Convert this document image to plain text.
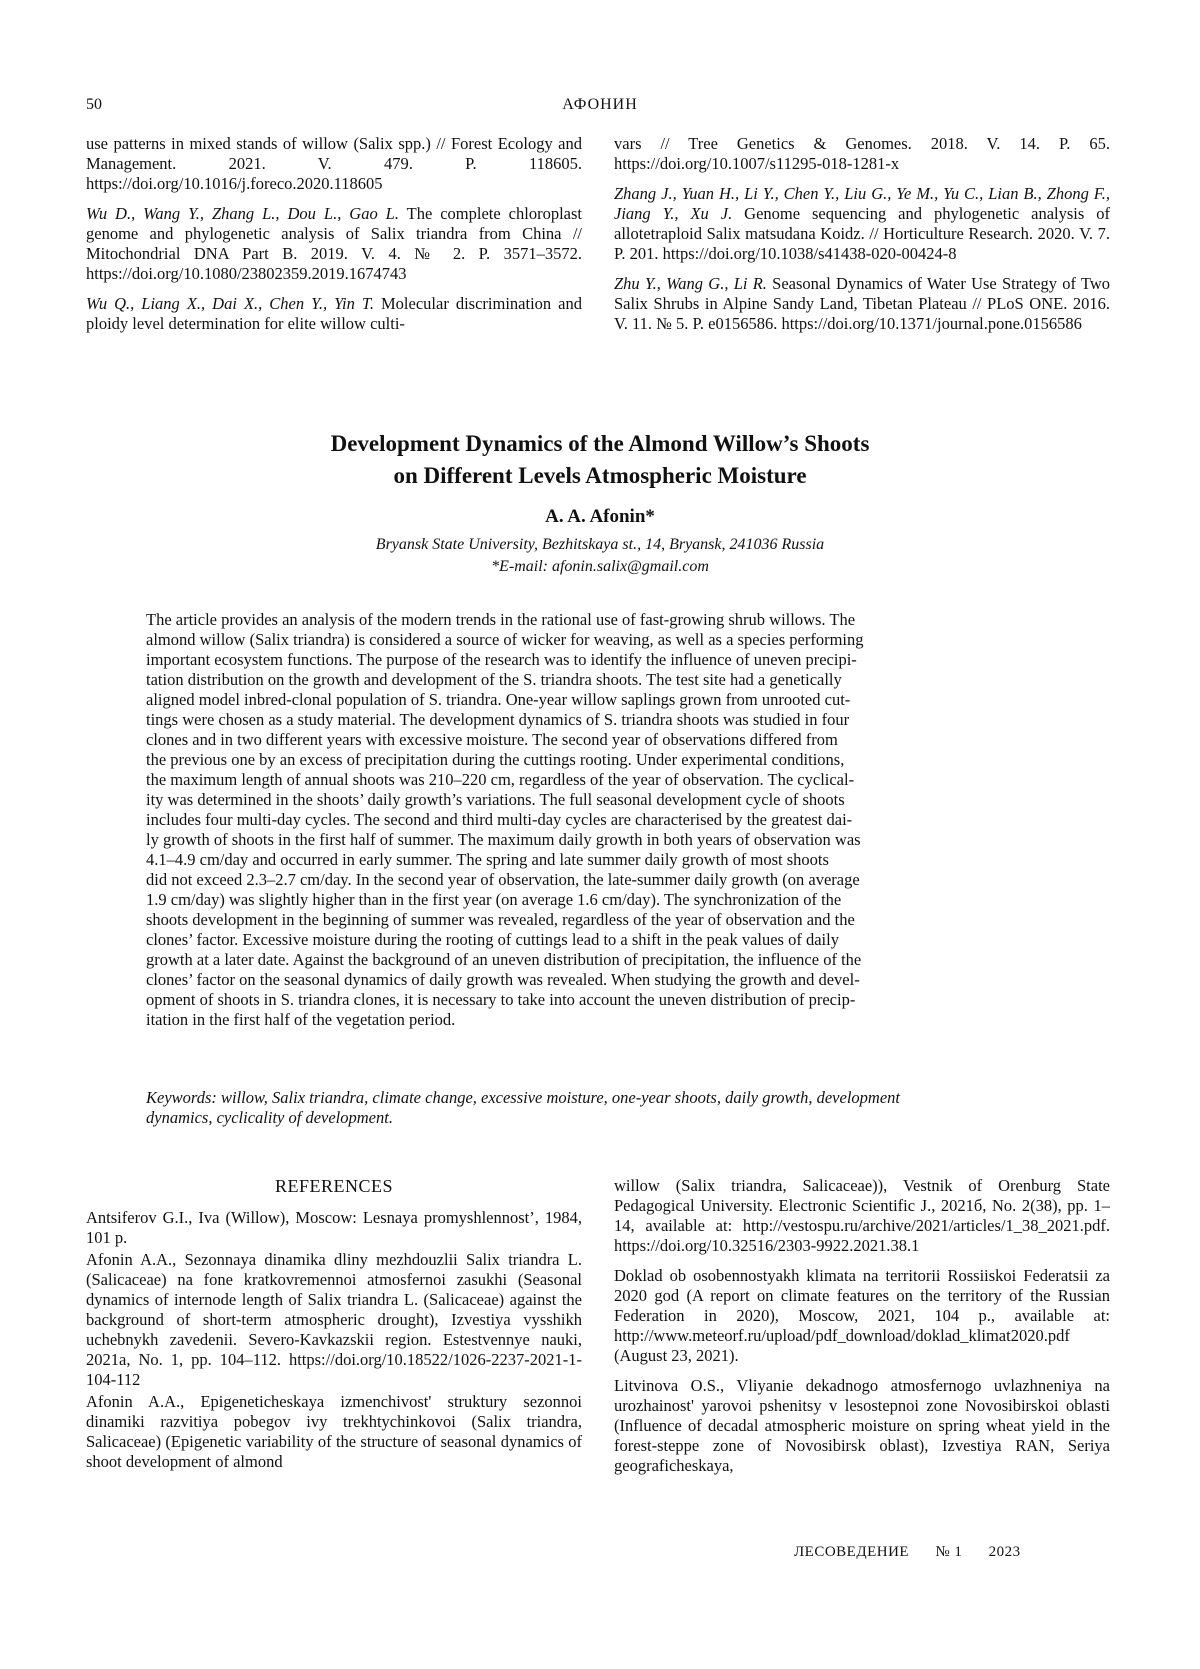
50	АФОНИН
use patterns in mixed stands of willow (Salix spp.) // Forest Ecology and Management. 2021. V. 479. P. 118605. https://doi.org/10.1016/j.foreco.2020.118605
Wu D., Wang Y., Zhang L., Dou L., Gao L. The complete chloroplast genome and phylogenetic analysis of Salix triandra from China // Mitochondrial DNA Part B. 2019. V. 4. № 2. P. 3571–3572. https://doi.org/10.1080/23802359.2019.1674743
Wu Q., Liang X., Dai X., Chen Y., Yin T. Molecular discrimination and ploidy level determination for elite willow culti-
vars // Tree Genetics & Genomes. 2018. V. 14. P. 65. https://doi.org/10.1007/s11295-018-1281-x
Zhang J., Yuan H., Li Y., Chen Y., Liu G., Ye M., Yu C., Lian B., Zhong F., Jiang Y., Xu J. Genome sequencing and phylogenetic analysis of allotetraploid Salix matsudana Koidz. // Horticulture Research. 2020. V. 7. P. 201. https://doi.org/10.1038/s41438-020-00424-8
Zhu Y., Wang G., Li R. Seasonal Dynamics of Water Use Strategy of Two Salix Shrubs in Alpine Sandy Land, Tibetan Plateau // PLoS ONE. 2016. V. 11. № 5. P. e0156586. https://doi.org/10.1371/journal.pone.0156586
Development Dynamics of the Almond Willow’s Shoots
on Different Levels Atmospheric Moisture
A. A. Afonin*
Bryansk State University, Bezhitskaya st., 14, Bryansk, 241036 Russia
*E-mail: afonin.salix@gmail.com
The article provides an analysis of the modern trends in the rational use of fast-growing shrub willows. The
almond willow (Salix triandra) is considered a source of wicker for weaving, as well as a species performing
important ecosystem functions. The purpose of the research was to identify the influence of uneven precipi-
tation distribution on the growth and development of the S. triandra shoots. The test site had a genetically
aligned model inbred-clonal population of S. triandra. One-year willow saplings grown from unrooted cut-
tings were chosen as a study material. The development dynamics of S. triandra shoots was studied in four
clones and in two different years with excessive moisture. The second year of observations differed from
the previous one by an excess of precipitation during the cuttings rooting. Under experimental conditions,
the maximum length of annual shoots was 210–220 cm, regardless of the year of observation. The cyclical-
ity was determined in the shoots’ daily growth’s variations. The full seasonal development cycle of shoots
includes four multi-day cycles. The second and third multi-day cycles are characterised by the greatest dai-
ly growth of shoots in the first half of summer. The maximum daily growth in both years of observation was
4.1–4.9 cm/day and occurred in early summer. The spring and late summer daily growth of most shoots
did not exceed 2.3–2.7 cm/day. In the second year of observation, the late-summer daily growth (on average
1.9 cm/day) was slightly higher than in the first year (on average 1.6 cm/day). The synchronization of the
shoots development in the beginning of summer was revealed, regardless of the year of observation and the
clones’ factor. Excessive moisture during the rooting of cuttings lead to a shift in the peak values of daily
growth at a later date. Against the background of an uneven distribution of precipitation, the influence of the
clones’ factor on the seasonal dynamics of daily growth was revealed. When studying the growth and devel-
opment of shoots in S. triandra clones, it is necessary to take into account the uneven distribution of precip-
itation in the first half of the vegetation period.
Keywords: willow, Salix triandra, climate change, excessive moisture, one-year shoots, daily growth, development
dynamics, cyclicality of development.
REFERENCES
Antsiferov G.I., Iva (Willow), Moscow: Lesnaya promyshlennost’, 1984, 101 p.
Afonin A.A., Sezonnaya dinamika dliny mezhdouzlii Salix triandra L. (Salicaceae) na fone kratkovremennoi atmosfernoi zasukhi (Seasonal dynamics of internode length of Salix triandra L. (Salicaceae) against the background of short-term atmospheric drought), Izvestiya vysshikh uchebnykh zavedenii. Severo-Kavkazskii region. Estestvennye nauki, 2021a, No. 1, pp. 104–112. https://doi.org/10.18522/1026-2237-2021-1-104-112
Afonin A.A., Epigeneticheskaya izmenchivost' struktury sezonnoi dinamiki razvitiya pobegov ivy trekhtychinkovoi (Salix triandra, Salicaceae) (Epigenetic variability of the structure of seasonal dynamics of shoot development of almond
willow (Salix triandra, Salicaceae)), Vestnik of Orenburg State Pedagogical University. Electronic Scientific J., 2021б, No. 2(38), pp. 1–14, available at: http://vestospu.ru/archive/2021/articles/1_38_2021.pdf. https://doi.org/10.32516/2303-9922.2021.38.1
Doklad ob osobennostyakh klimata na territorii Rossiiskoi Federatsii za 2020 god (A report on climate features on the territory of the Russian Federation in 2020), Moscow, 2021, 104 p., available at: http://www.meteorf.ru/upload/pdf_download/doklad_klimat2020.pdf (August 23, 2021).
Litvinova O.S., Vliyanie dekadnogo atmosfernogo uvlazhneniya na urozhainost' yarovoi pshenitsy v lesostepnoi zone Novosibirskoi oblasti (Influence of decadal atmospheric moisture on spring wheat yield in the forest-steppe zone of Novosibirsk oblast), Izvestiya RAN, Seriya geograficheskaya,
ЛЕСОВЕДЕНИЕ № 1 2023
